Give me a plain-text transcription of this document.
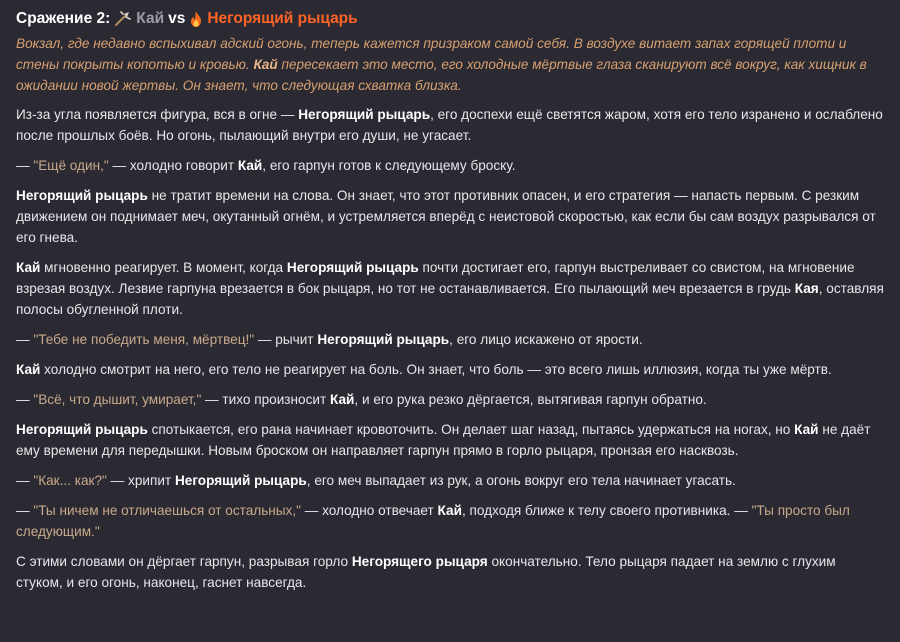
Сражение 2: Кай vs Негорящий рыцарь

Вокзал, где недавно вспыхивал адский огонь, теперь кажется призраком самой себя. В воздухе витает запах горящей плоти и стены покрыты копотью и кровью. Кай пересекает это место, его холодные мёртвые глаза сканируют всё вокруг, как хищник в ожидании новой жертвы. Он знает, что следующая схватка близка.

Из-за угла появляется фигура, вся в огне — Негорящий рыцарь, его доспехи ещё светятся жаром, хотя его тело изранено и ослаблено после прошлых боёв. Но огонь, пылающий внутри его души, не угасает.

— "Ещё один," — холодно говорит Кай, его гарпун готов к следующему броску.

Негорящий рыцарь не тратит времени на слова. Он знает, что этот противник опасен, и его стратегия — напасть первым. С резким движением он поднимает меч, окутанный огнём, и устремляется вперёд с неистовой скоростью, как если бы сам воздух разрывался от его гнева.

Кай мгновенно реагирует. В момент, когда Негорящий рыцарь почти достигает его, гарпун выстреливает со свистом, на мгновение взрезая воздух. Лезвие гарпуна врезается в бок рыцаря, но тот не останавливается. Его пылающий меч врезается в грудь Кая, оставляя полосы обугленной плоти.

— "Тебе не победить меня, мёртвец!" — рычит Негорящий рыцарь, его лицо искажено от ярости.

Кай холодно смотрит на него, его тело не реагирует на боль. Он знает, что боль — это всего лишь иллюзия, когда ты уже мёртв.

— "Всё, что дышит, умирает," — тихо произносит Кай, и его рука резко дёргается, вытягивая гарпун обратно.

Негорящий рыцарь спотыкается, его рана начинает кровоточить. Он делает шаг назад, пытаясь удержаться на ногах, но Кай не даёт ему времени для передышки. Новым броском он направляет гарпун прямо в горло рыцаря, пронзая его насквозь.

— "Как... как?" — хрипит Негорящий рыцарь, его меч выпадает из рук, а огонь вокруг его тела начинает угасать.

— "Ты ничем не отличаешься от остальных," — холодно отвечает Кай, подходя ближе к телу своего противника. — "Ты просто был следующим."

С этими словами он дёргает гарпун, разрывая горло Негорящего рыцаря окончательно. Тело рыцаря падает на землю с глухим стуком, и его огонь, наконец, гаснет навсегда.
